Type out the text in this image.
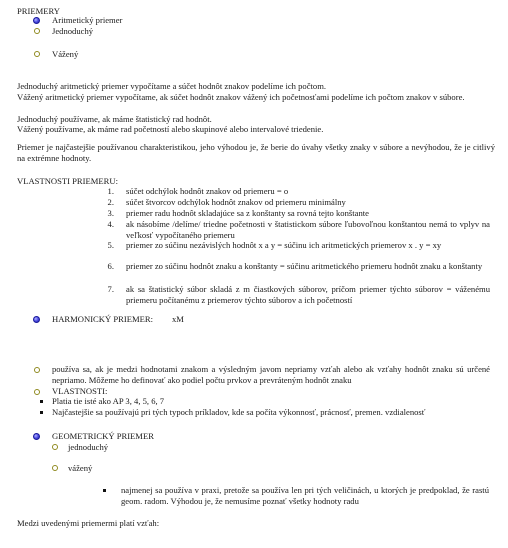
PRIEMERY
Aritmetický priemer
Jednoduchý
Vážený
Jednoduchý aritmetický priemer vypočítame a súčet hodnôt znakov podelíme ich počtom.
Vážený aritmetický priemer vypočítame, ak súčet hodnôt znakov vážený ich početnosťami podelíme ich počtom znakov v súbore.
Jednoduchý používame, ak máme štatistický rad hodnôt.
Vážený používame, ak máme rad početností alebo skupinové alebo intervalové triedenie.
Priemer je najčastejšie používanou charakteristikou, jeho výhodou je, že berie do úvahy všetky znaky v súbore a nevýhodou, že je citlivý na extrémne hodnoty.
VLASTNOSTI PRIEMERU:
1. súčet odchýlok hodnôt znakov od priemeru = o
2. súčet štvorcov odchýlok hodnôt znakov od priemeru minimálny
3. priemer radu hodnôt skladajúce sa z konštanty sa rovná tejto konštante
4. ak násobíme /delíme/ triedne početnosti v štatistickom súbore ľubovoľnou konštantou nemá to vplyv na veľkosť vypočítaného priemeru
5. priemer zo súčinu nezávislých hodnôt x a y = súčinu ich aritmetických priemerov x . y = xy
6. priemer zo súčinu hodnôt znaku a konštanty = súčinu aritmetického priemeru hodnôt znaku a konštanty
7. ak sa štatistický súbor skladá z m čiastkových súborov, príčom priemer týchto súborov = váženému priemeru počítanému z priemerov týchto súborov a ich početností
HARMONICKÝ PRIEMER: xM
používa sa, ak je medzi hodnotami znakom a výsledným javom nepriamy vzťah alebo ak vzťahy hodnôt znaku sú určené nepriamo. Môžeme ho definovať ako podiel počtu prvkov a prevráteným hodnôt znaku
VLASTNOSTI:
Platia tie isté ako AP 3, 4, 5, 6, 7
Najčastejšie sa používajú pri tých typoch príkladov, kde sa počíta výkonnosť, prácnosť, premen. vzdialenosť
GEOMETRICKÝ PRIEMER
jednoduchý
vážený
najmenej sa používa v praxi, pretože sa používa len pri tých veličinách, u ktorých je predpoklad, že rastú geom. radom. Výhodou je, že nemusíme poznať všetky hodnoty radu
Medzi uvedenými priemermi platí vzťah:
